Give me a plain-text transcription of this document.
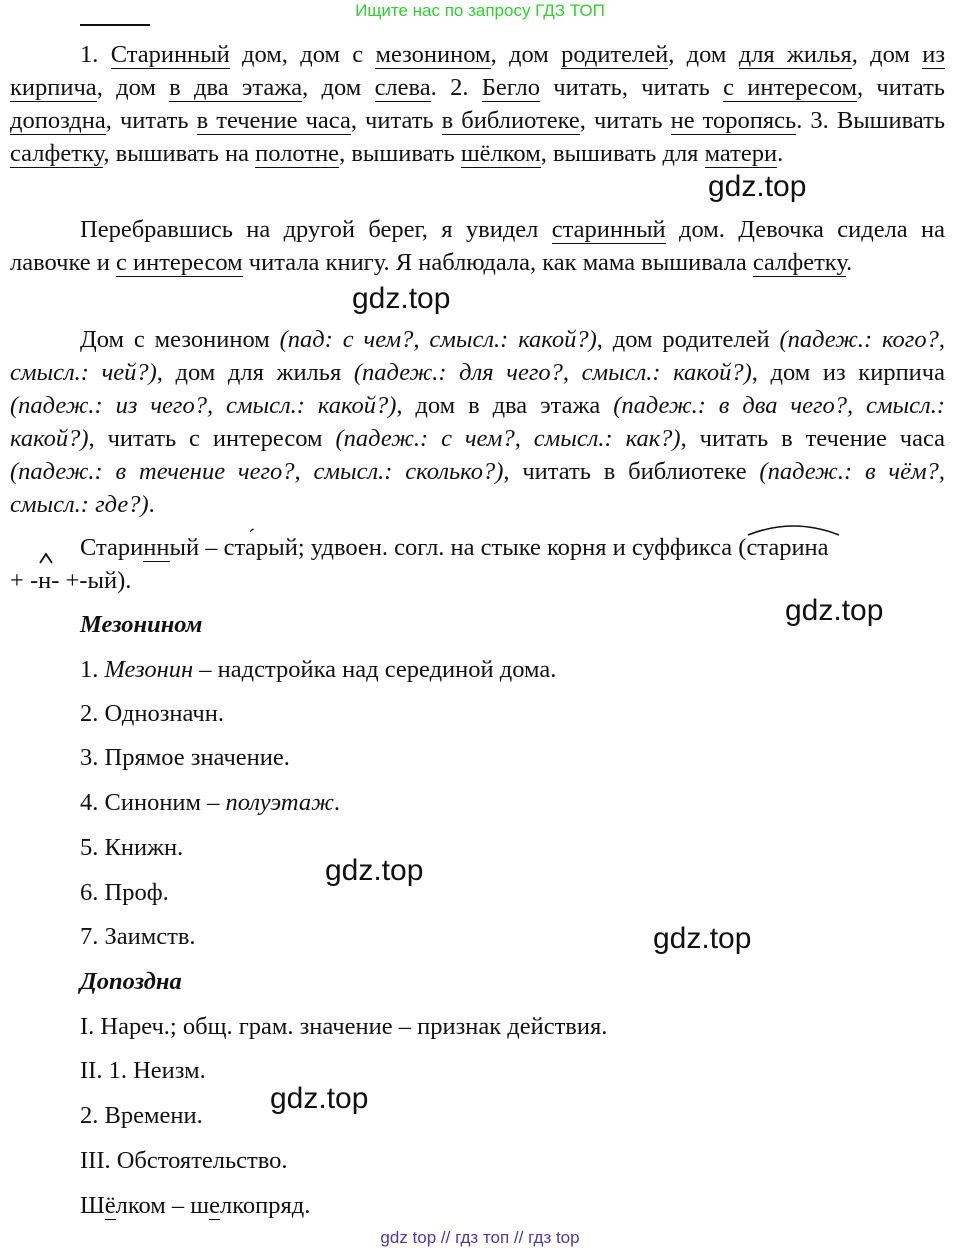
Ищите нас по запросу ГДЗ ТОП
1. Старинный дом, дом с мезонином, дом родителей, дом для жилья, дом из кирпича, дом в два этажа, дом слева. 2. Бегло читать, читать с интересом, читать допоздна, читать в течение часа, читать в библиотеке, читать не торопясь. 3. Вышивать салфетку, вышивать на полотне, вышивать шёлком, вышивать для матери.
gdz.top
Перебравшись на другой берег, я увидел старинный дом. Девочка сидела на лавочке и с интересом читала книгу. Я наблюдала, как мама вышивала салфетку.
gdz.top
Дом с мезонином (пад: с чем?, смысл.: какой?), дом родителей (падеж.: кого?, смысл.: чей?), дом для жилья (падеж.: для чего?, смысл.: какой?), дом из кирпича (падеж.: из чего?, смысл.: какой?), дом в два этажа (падеж.: в два чего?, смысл.: какой?), читать с интересом (падеж.: с чем?, смысл.: как?), читать в течение часа (падеж.: в течение чего?, смысл.: сколько?), читать в библиотеке (падеж.: в чём?, смысл.: где?).
Старинный – ст´ арый; удвоен. согл. на стыке корня и суффикса (
старина
+ -
н- +-ый).
gdz.top
Мезонином
1. Мезонин – надстройка над серединой дома.
2. Однозначн.
3. Прямое значение.
4. Синоним – полуэтаж.
5. Книжн.
gdz.top
6. Проф.
7. Заимств.	gdz.top
Допоздна
I. Нареч.; общ. грам. значение – признак действия.
II. 1. Неизм.
gdz.top
2. Времени.
III. Обстоятельство.
Шёлком – шелкопряд.
gdz top // гдз топ // гдз top
